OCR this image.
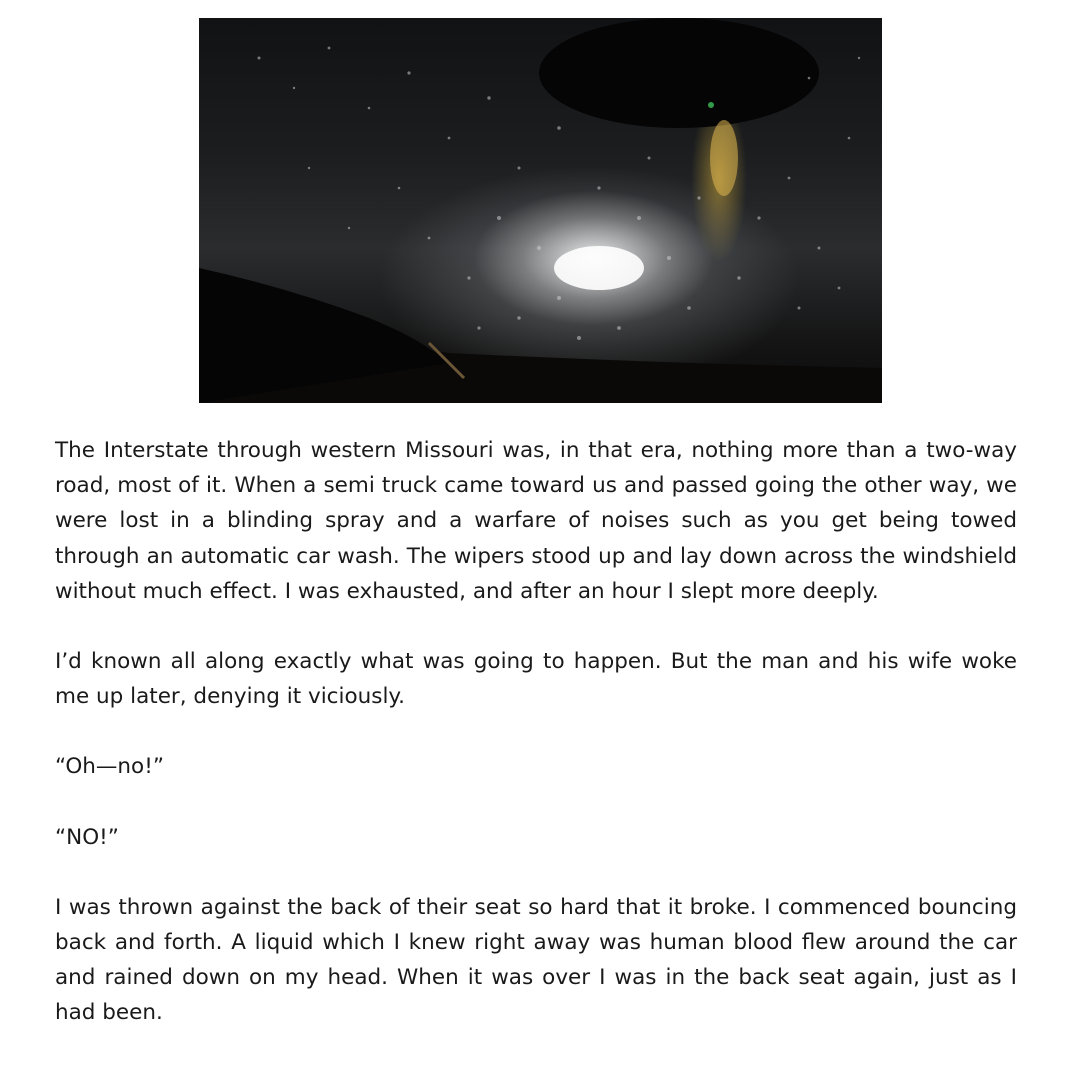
The Interstate through western Missouri was, in that era, nothing more than a two-way road, most of it. When a semi truck came toward us and passed going the other way, we were lost in a blinding spray and a warfare of noises such as you get being towed through an automatic car wash. The wipers stood up and lay down across the windshield without much effect. I was exhausted, and after an hour I slept more deeply.

I’d known all along exactly what was going to happen. But the man and his wife woke me up later, denying it viciously.

“Oh—no!”

“NO!”

I was thrown against the back of their seat so hard that it broke. I commenced bouncing back and forth. A liquid which I knew right away was human blood flew around the car and rained down on my head. When it was over I was in the back seat again, just as I had been.
